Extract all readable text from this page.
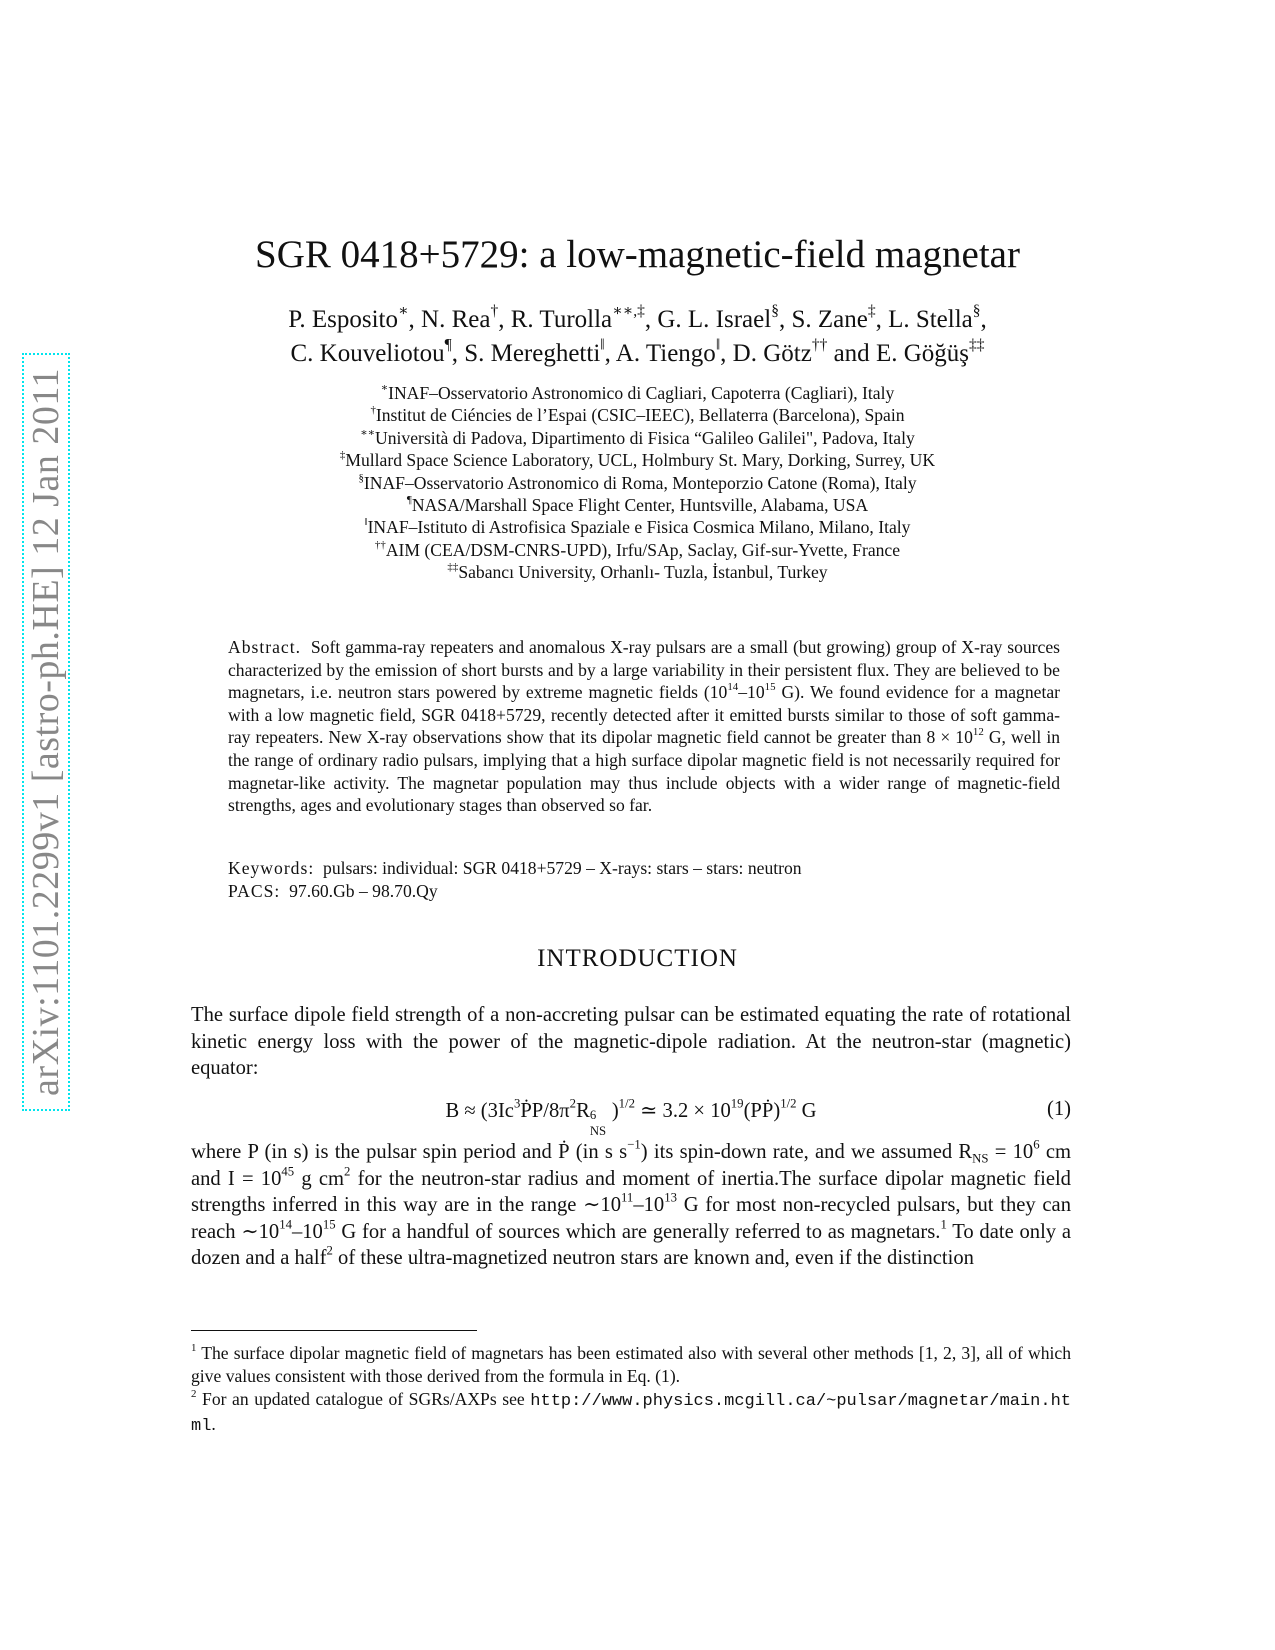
arXiv:1101.2299v1 [astro-ph.HE] 12 Jan 2011
SGR 0418+5729: a low-magnetic-field magnetar
P. Esposito∗, N. Rea†, R. Turolla∗∗,‡, G. L. Israel§, S. Zane‡, L. Stella§,
C. Kouveliotou¶, S. Mereghetti‖, A. Tiengo‖, D. Götz†† and E. Göğüş‡‡
∗INAF–Osservatorio Astronomico di Cagliari, Capoterra (Cagliari), Italy
†Institut de Ciéncies de l’Espai (CSIC–IEEC), Bellaterra (Barcelona), Spain
∗∗Università di Padova, Dipartimento di Fisica “Galileo Galilei", Padova, Italy
‡Mullard Space Science Laboratory, UCL, Holmbury St. Mary, Dorking, Surrey, UK
§INAF–Osservatorio Astronomico di Roma, Monteporzio Catone (Roma), Italy
¶NASA/Marshall Space Flight Center, Huntsville, Alabama, USA
‖INAF–Istituto di Astrofisica Spaziale e Fisica Cosmica Milano, Milano, Italy
††AIM (CEA/DSM-CNRS-UPD), Irfu/SAp, Saclay, Gif-sur-Yvette, France
‡‡Sabancı University, Orhanlı- Tuzla, İstanbul, Turkey
Abstract. Soft gamma-ray repeaters and anomalous X-ray pulsars are a small (but growing) group of X-ray sources characterized by the emission of short bursts and by a large variability in their persistent flux. They are believed to be magnetars, i.e. neutron stars powered by extreme magnetic fields ($10^{14}-10^{15}$ G). We found evidence for a magnetar with a low magnetic field, SGR 0418+5729, recently detected after it emitted bursts similar to those of soft gamma-ray repeaters. New X-ray observations show that its dipolar magnetic field cannot be greater than $8 \times 10^{12}$ G, well in the range of ordinary radio pulsars, implying that a high surface dipolar magnetic field is not necessarily required for magnetar-like activity. The magnetar population may thus include objects with a wider range of magnetic-field strengths, ages and evolutionary stages than observed so far.
Keywords: pulsars: individual: SGR 0418+5729 – X-rays: stars – stars: neutron
PACS: 97.60.Gb – 98.70.Qy
INTRODUCTION
The surface dipole field strength of a non-accreting pulsar can be estimated equating the rate of rotational kinetic energy loss with the power of the magnetic-dipole radiation. At the neutron-star (magnetic) equator:
$B \approx (3Ic^3ṖP/8\pi^2R$ 6
NS
)$^{1/2}$ ≃ $3.2 \times 10^{19}(PṖ)^{1/2}$ G	(1)
where P (in s) is the pulsar spin period and Ṗ (in s $s^{-1}$) its spin-down rate, and we assumed $R_{NS} = 10^6$ cm and $I = 10^{45}$ g $cm^2$ for the neutron-star radius and moment of inertia.The surface dipolar magnetic field strengths inferred in this way are in the range $\sim 10^{11}-10^{13}$ G for most non-recycled pulsars, but they can reach $\sim 10^{14}-10^{15}$ G for a handful of sources which are generally referred to as magnetars.$^1$ To date only a dozen and a half$^2$ of these ultra-magnetized neutron stars are known and, even if the distinction
$^1$ The surface dipolar magnetic field of magnetars has been estimated also with several other methods [1, 2, 3], all of which give values consistent with those derived from the formula in Eq. (1).
$^2$ For an updated catalogue of SGRs/AXPs see http://www.physics.mcgill.ca/~pulsar/magnetar/main.html.
